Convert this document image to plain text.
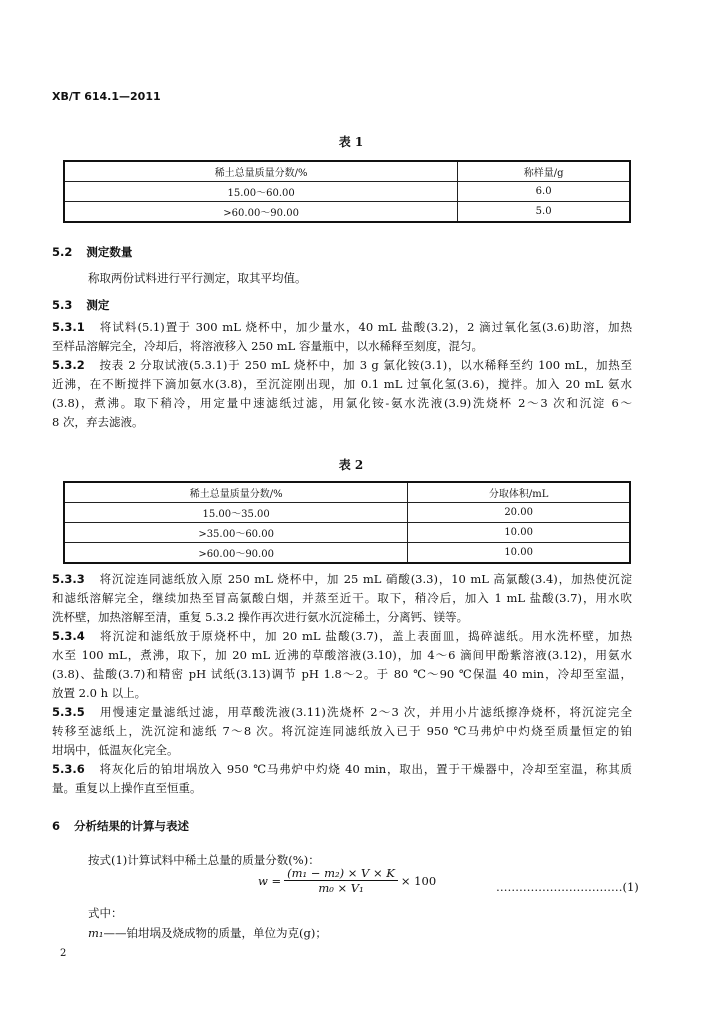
XB/T 614.1—2011
表 1
稀土总量质量分数/%	称样量/g
15.00～60.00	6.0
>60.00～90.00	5.0
5.2 测定数量
称取两份试料进行平行测定，取其平均值。
5.3 测定
5.3.1 将试料(5.1)置于 300 mL 烧杯中，加少量水，40 mL 盐酸(3.2)，2 滴过氧化氢(3.6)助溶，加热
至样品溶解完全，冷却后，将溶液移入 250 mL 容量瓶中，以水稀释至刻度，混匀。
5.3.2 按表 2 分取试液(5.3.1)于 250 mL 烧杯中，加 3 g 氯化铵(3.1)，以水稀释至约 100 mL，加热至
近沸，在不断搅拌下滴加氨水(3.8)，至沉淀刚出现，加 0.1 mL 过氧化氢(3.6)，搅拌。加入 20 mL 氨水
(3.8)，煮沸。取下稍冷，用定量中速滤纸过滤，用氯化铵-氨水洗液(3.9)洗烧杯 2～3 次和沉淀 6～
8 次，弃去滤液。
表 2
稀土总量质量分数/%	分取体积/mL
15.00～35.00	20.00
>35.00～60.00	10.00
>60.00～90.00	10.00
5.3.3 将沉淀连同滤纸放入原 250 mL 烧杯中，加 25 mL 硝酸(3.3)，10 mL 高氯酸(3.4)，加热使沉淀
和滤纸溶解完全，继续加热至冒高氯酸白烟，并蒸至近干。取下，稍冷后，加入 1 mL 盐酸(3.7)，用水吹
洗杯壁，加热溶解至清，重复 5.3.2 操作再次进行氨水沉淀稀土，分离钙、镁等。
5.3.4 将沉淀和滤纸放于原烧杯中，加 20 mL 盐酸(3.7)，盖上表面皿，捣碎滤纸。用水洗杯壁，加热
水至 100 mL，煮沸，取下，加 20 mL 近沸的草酸溶液(3.10)，加 4～6 滴间甲酚紫溶液(3.12)，用氨水
(3.8)、盐酸(3.7)和精密 pH 试纸(3.13)调节 pH 1.8～2。于 80 ℃～90 ℃保温 40 min，冷却至室温，
放置 2.0 h 以上。
5.3.5 用慢速定量滤纸过滤，用草酸洗液(3.11)洗烧杯 2～3 次，并用小片滤纸擦净烧杯，将沉淀完全
转移至滤纸上，洗沉淀和滤纸 7～8 次。将沉淀连同滤纸放入已于 950 ℃马弗炉中灼烧至质量恒定的铂
坩埚中，低温灰化完全。
5.3.6 将灰化后的铂坩埚放入 950 ℃马弗炉中灼烧 40 min，取出，置于干燥器中，冷却至室温，称其质
量。重复以上操作直至恒重。
6 分析结果的计算与表述
按式(1)计算试料中稀土总量的质量分数(%)：
$w = \frac{\text{(m₁ − m₂) × V × K}}{\text{m₀ × V₁}} \times 100$	……………………………(1)
式中：
m₁——铂坩埚及烧成物的质量，单位为克(g)；
2
